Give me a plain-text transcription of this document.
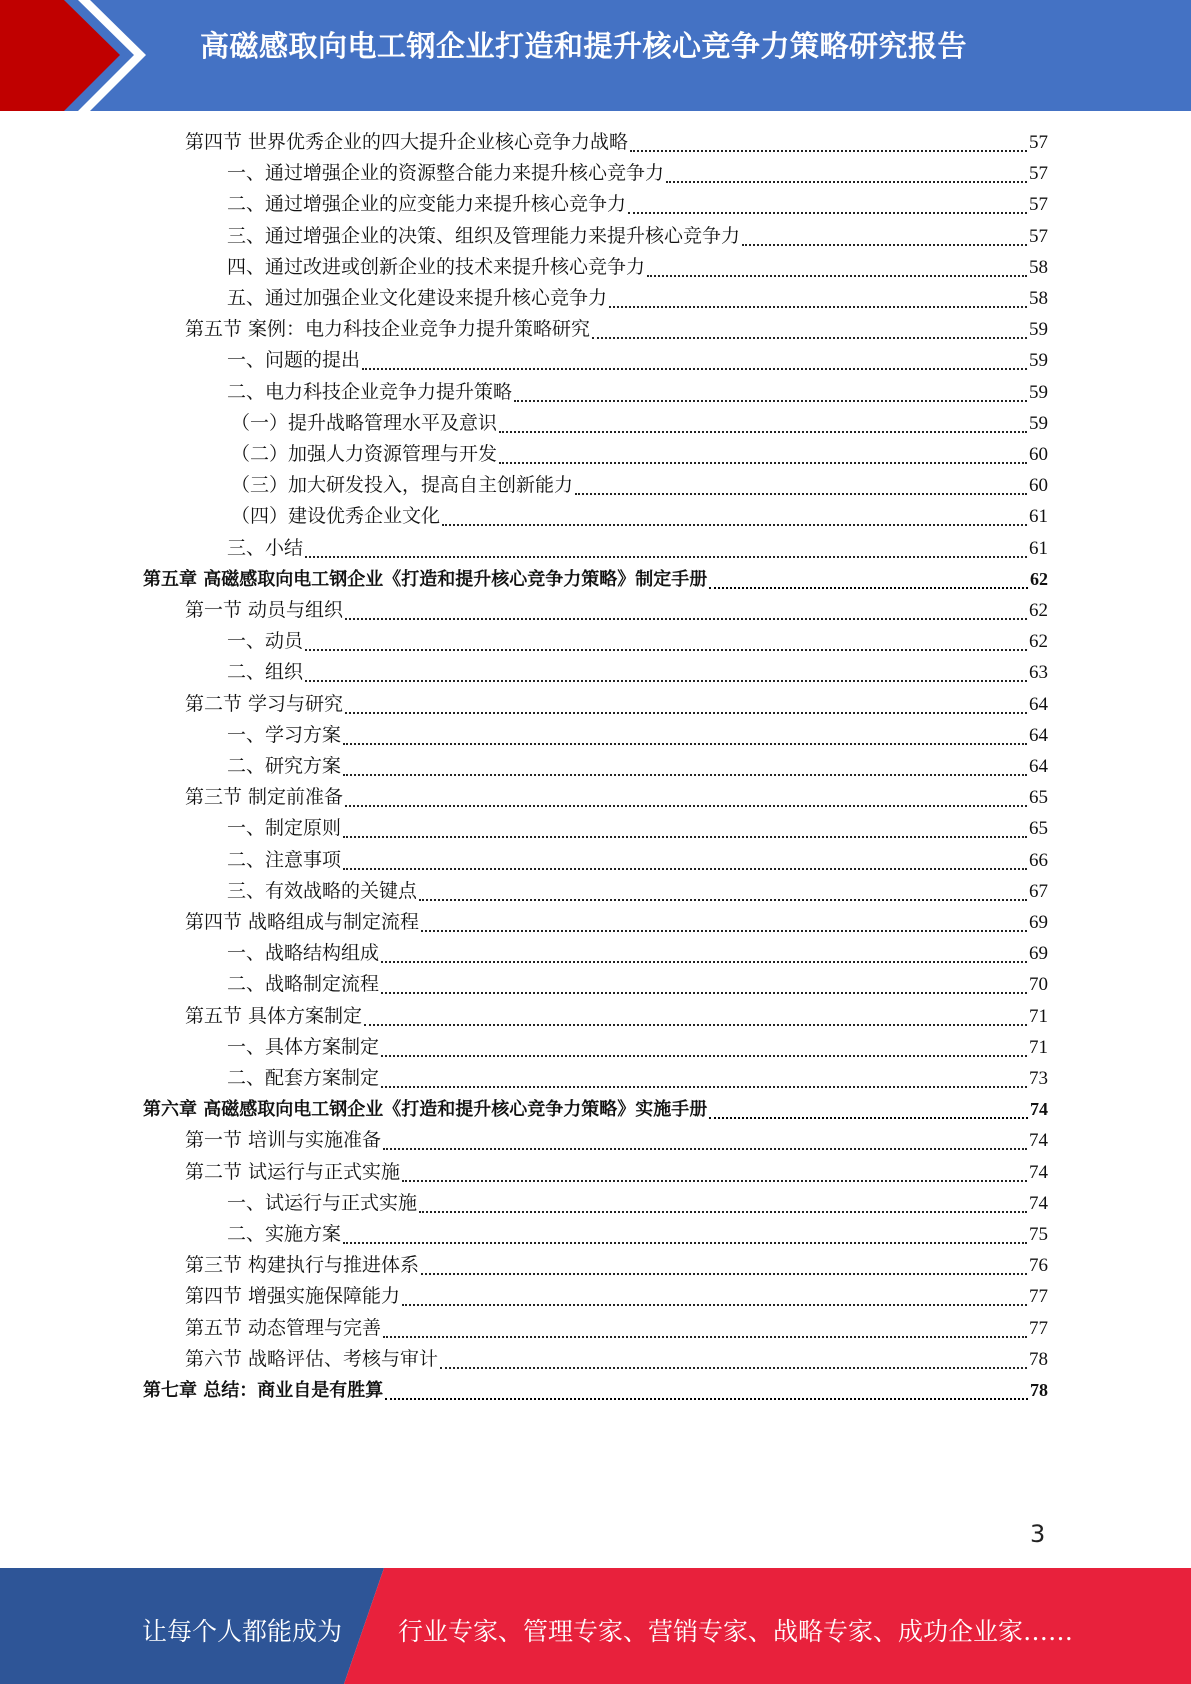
高磁感取向电工钢企业打造和提升核心竞争力策略研究报告
第四节 世界优秀企业的四大提升企业核心竞争力战略	57
一、通过增强企业的资源整合能力来提升核心竞争力	57
二、通过增强企业的应变能力来提升核心竞争力	57
三、通过增强企业的决策、组织及管理能力来提升核心竞争力	57
四、通过改进或创新企业的技术来提升核心竞争力	58
五、通过加强企业文化建设来提升核心竞争力	58
第五节 案例：电力科技企业竞争力提升策略研究	59
一、问题的提出	59
二、电力科技企业竞争力提升策略	59
（一）提升战略管理水平及意识	59
（二）加强人力资源管理与开发	60
（三）加大研发投入，提高自主创新能力	60
（四）建设优秀企业文化	61
三、小结	61
第五章 高磁感取向电工钢企业《打造和提升核心竞争力策略》制定手册	62
第一节 动员与组织	62
一、动员	62
二、组织	63
第二节 学习与研究	64
一、学习方案	64
二、研究方案	64
第三节 制定前准备	65
一、制定原则	65
二、注意事项	66
三、有效战略的关键点	67
第四节 战略组成与制定流程	69
一、战略结构组成	69
二、战略制定流程	70
第五节 具体方案制定	71
一、具体方案制定	71
二、配套方案制定	73
第六章 高磁感取向电工钢企业《打造和提升核心竞争力策略》实施手册	74
第一节 培训与实施准备	74
第二节 试运行与正式实施	74
一、试运行与正式实施	74
二、实施方案	75
第三节 构建执行与推进体系	76
第四节 增强实施保障能力	77
第五节 动态管理与完善	77
第六节 战略评估、考核与审计	78
第七章 总结：商业自是有胜算	78
3
让每个人都能成为 行业专家、管理专家、营销专家、战略专家、成功企业家……
